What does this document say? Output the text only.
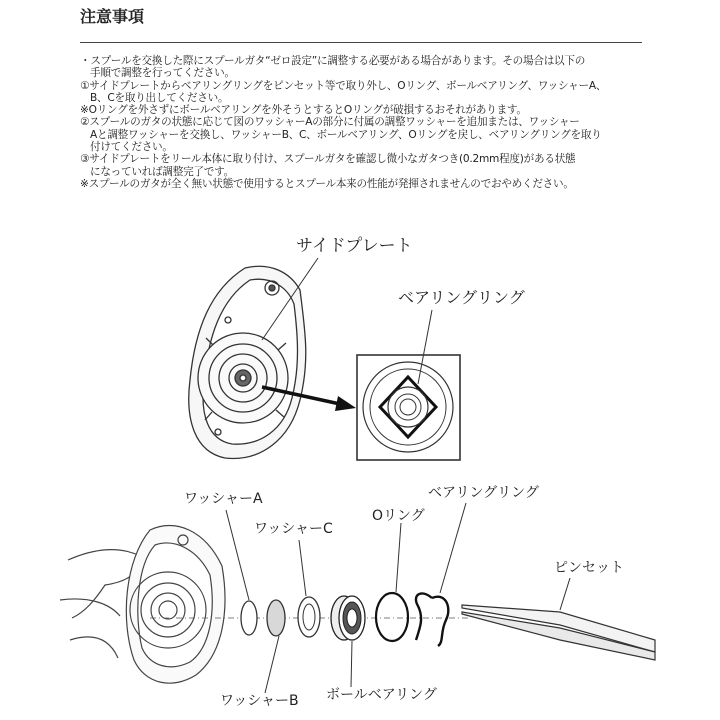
注意事項
・スプールを交換した際にスプールガタ“ゼロ設定”に調整する必要がある場合があります。その場合は以下の
手順で調整を行ってください。
①サイドプレートからベアリングリングをピンセット等で取り外し、Oリング、ボールベアリング、ワッシャーA、
B、Cを取り出してください。
※Oリングを外さずにボールベアリングを外そうとするとOリングが破損するおそれがあります。
②スプールのガタの状態に応じて図のワッシャーAの部分に付属の調整ワッシャーを追加または、ワッシャー
Aと調整ワッシャーを交換し、ワッシャーB、C、ボールベアリング、Oリングを戻し、ベアリングリングを取り
付けてください。
③サイドプレートをリール本体に取り付け、スプールガタを確認し微小なガタつき(0.2mm程度)がある状態
になっていれば調整完了です。
※スプールのガタが全く無い状態で使用するとスプール本来の性能が発揮されませんのでおやめください。
サイドプレート
ベアリングリング
ワッシャーA
ワッシャーC
Oリング
ベアリングリング
ピンセット
ワッシャーB ボールベアリング
